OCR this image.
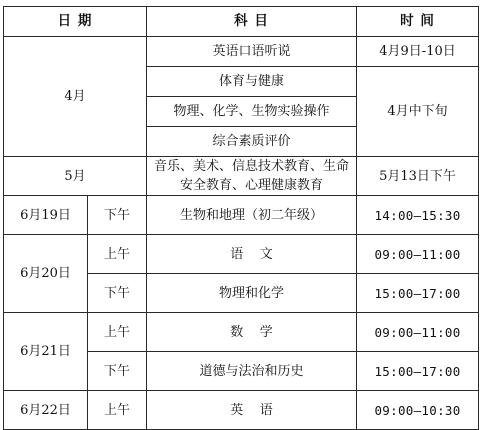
日 期		科 目	时 间
4月		英语口语听说	4月9日-10日
		体育与健康	4月中下旬
		物理、化学、生物实验操作	
		综合素质评价	
5月		音乐、美术、信息技术教育、生命安全教育、心理健康教育	5月13日下午
6月19日	下午	生物和地理（初二年级）	14:00—15:30
6月20日	上午	语    文	09:00—11:00
	下午	物理和化学	15:00—17:00
6月21日	上午	数    学	09:00—11:00
	下午	道德与法治和历史	15:00—17:00
6月22日	上午	英    语	09:00—10:30
